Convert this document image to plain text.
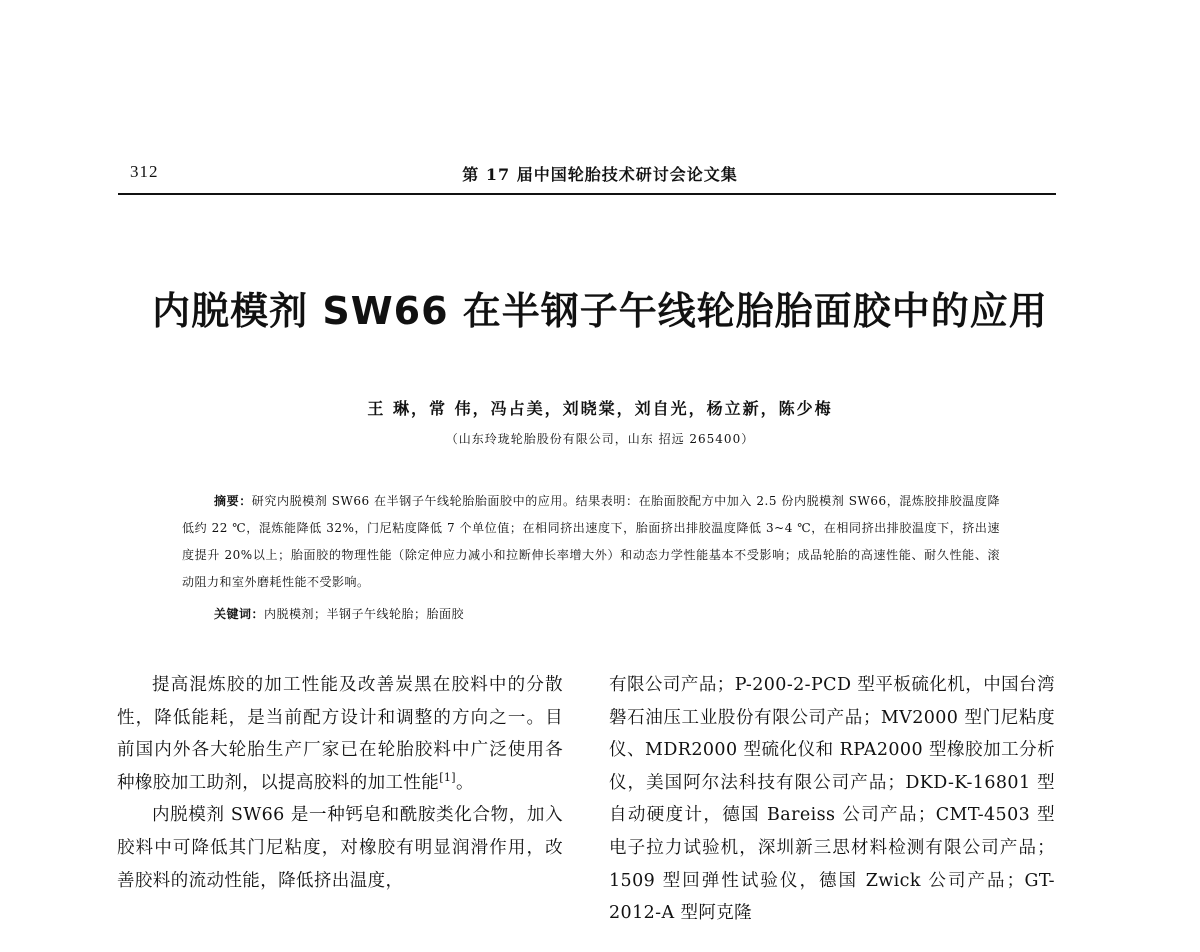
312	第 17 届中国轮胎技术研讨会论文集
内脱模剂 SW66 在半钢子午线轮胎胎面胶中的应用
王 琳，常 伟，冯占美，刘晓棠，刘自光，杨立新，陈少梅
（山东玲珑轮胎股份有限公司，山东 招远 265400）
摘要：研究内脱模剂 SW66 在半钢子午线轮胎胎面胶中的应用。结果表明：在胎面胶配方中加入 2.5 份内脱模剂 SW66，混炼胶排胶温度降低约 22 ℃，混炼能降低 32%，门尼粘度降低 7 个单位值；在相同挤出速度下，胎面挤出排胶温度降低 3~4 ℃，在相同挤出排胶温度下，挤出速度提升 20%以上；胎面胶的物理性能（除定伸应力减小和拉断伸长率增大外）和动态力学性能基本不受影响；成品轮胎的高速性能、耐久性能、滚动阻力和室外磨耗性能不受影响。
关键词：内脱模剂；半钢子午线轮胎；胎面胶

提高混炼胶的加工性能及改善炭黑在胶料中的分散性，降低能耗，是当前配方设计和调整的方向之一。目前国内外各大轮胎生产厂家已在轮胎胶料中广泛使用各种橡胶加工助剂，以提高胶料的加工性能[1]。

内脱模剂 SW66 是一种钙皂和酰胺类化合物，加入胶料中可降低其门尼粘度，对橡胶有明显润滑作用，改善胶料的流动性能，降低挤出温度，

有限公司产品；P-200-2-PCD 型平板硫化机，中国台湾磐石油压工业股份有限公司产品；MV2000 型门尼粘度仪、MDR2000 型硫化仪和 RPA2000 型橡胶加工分析仪，美国阿尔法科技有限公司产品；DKD-K-16801 型自动硬度计，德国 Bareiss 公司产品；CMT-4503 型电子拉力试验机，深圳新三思材料检测有限公司产品；1509 型回弹性试验仪，德国 Zwick 公司产品；GT-2012-A 型阿克隆
